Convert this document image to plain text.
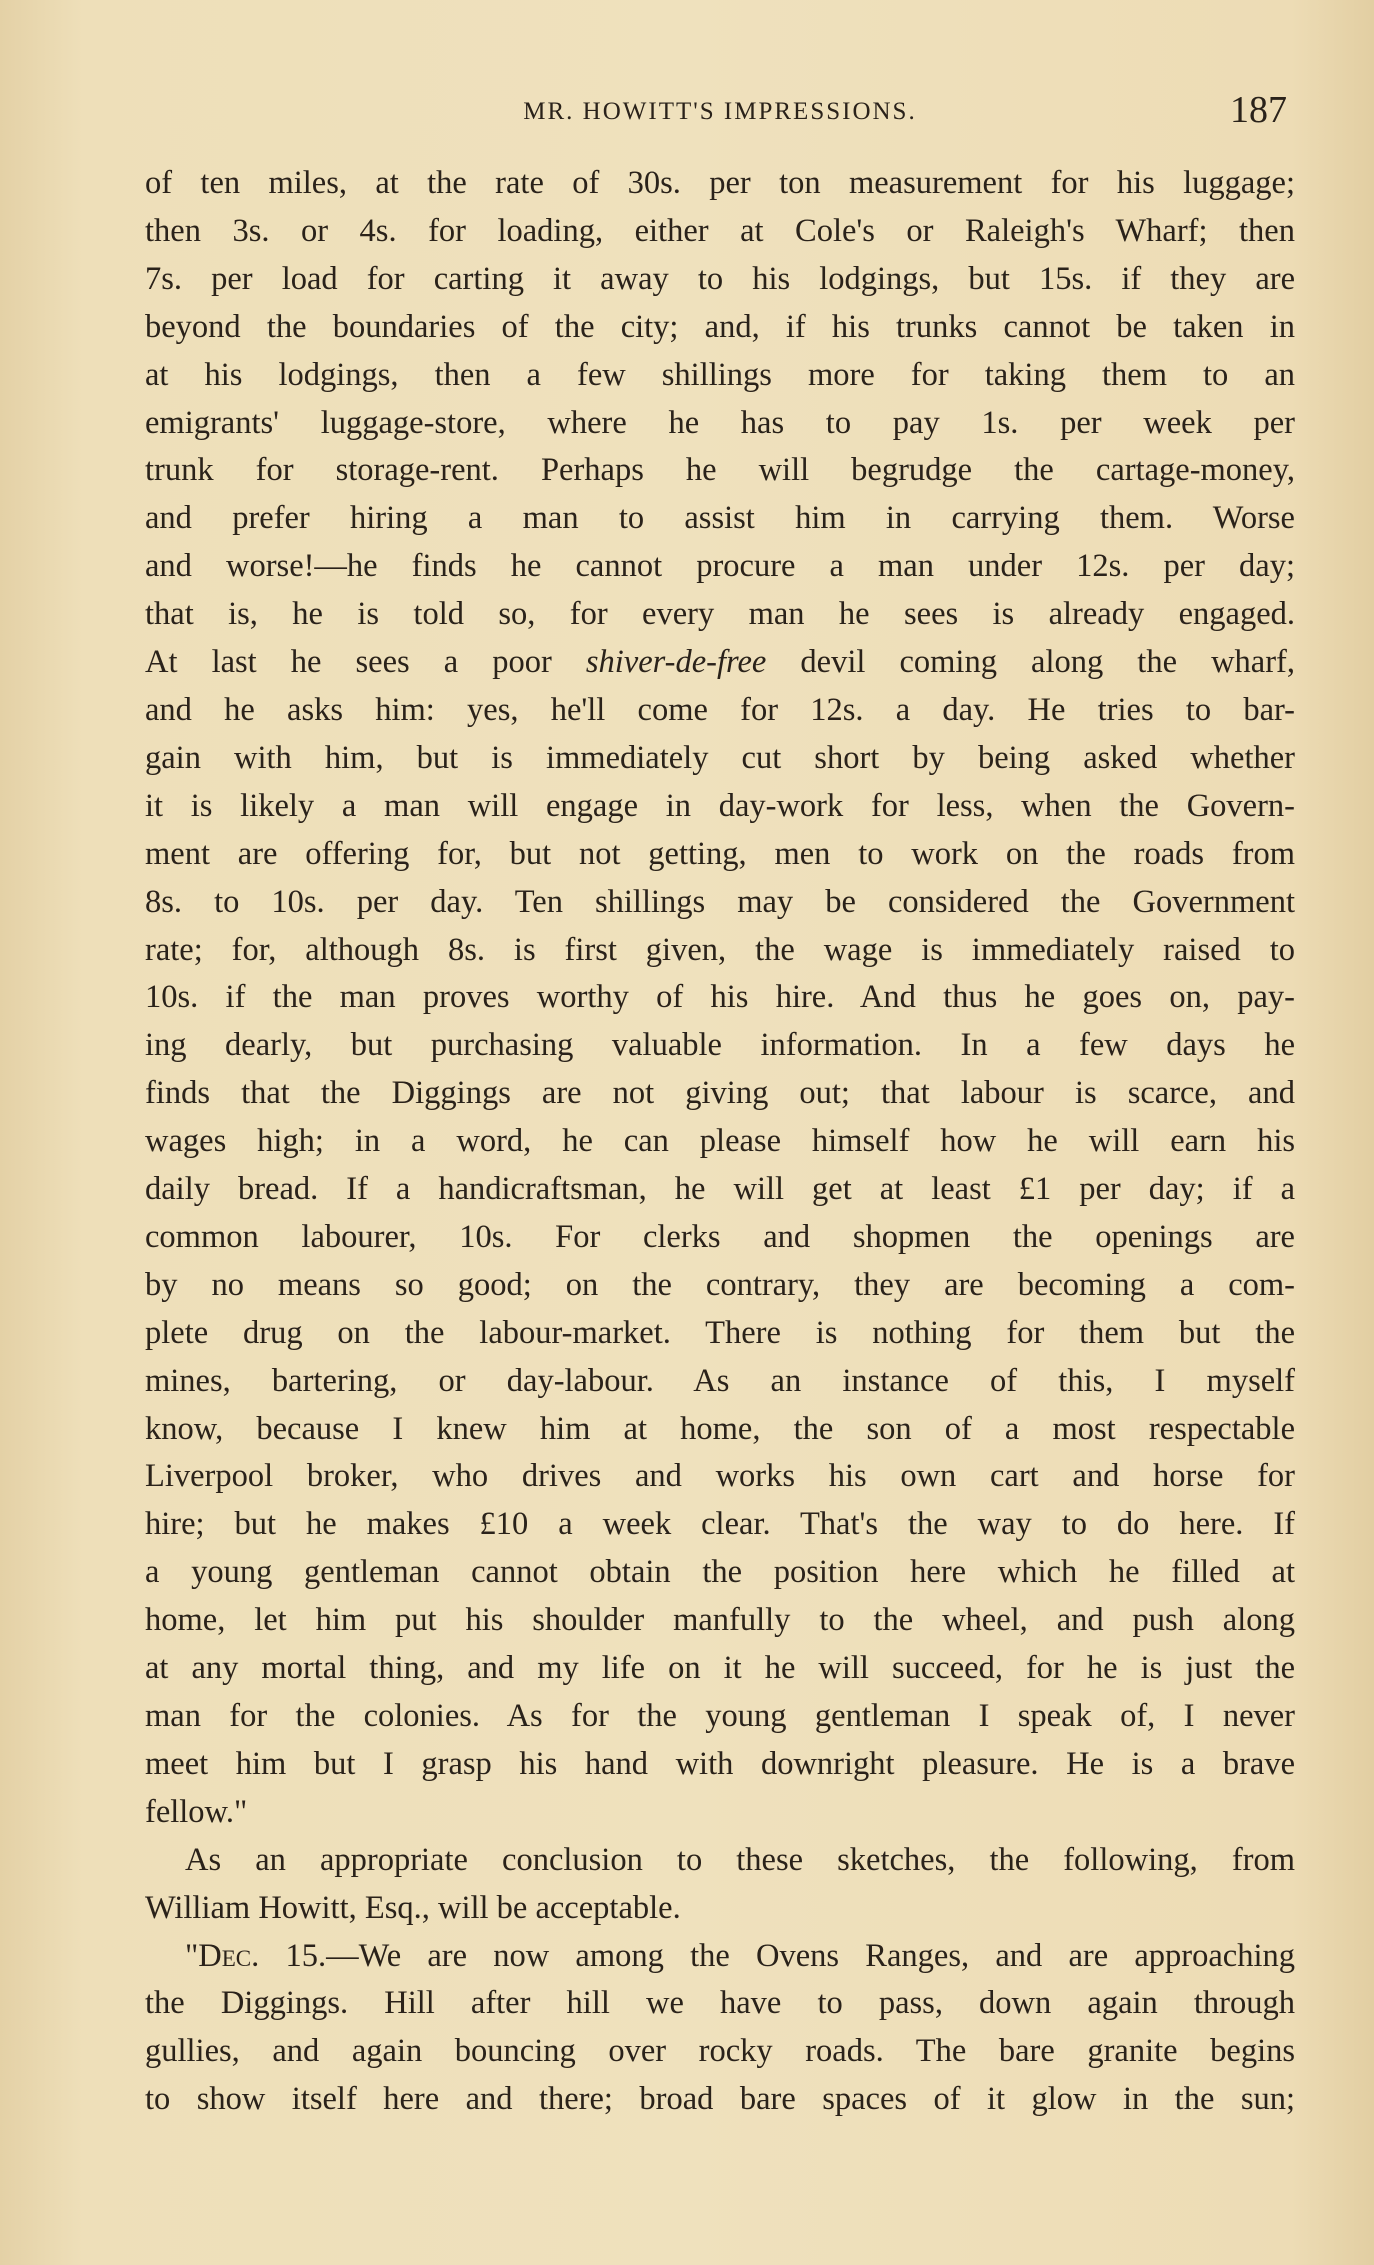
MR. HOWITT'S IMPRESSIONS.	187
of ten miles, at the rate of 30s. per ton measurement for his luggage;
then 3s. or 4s. for loading, either at Cole's or Raleigh's Wharf; then
7s. per load for carting it away to his lodgings, but 15s. if they are
beyond the boundaries of the city; and, if his trunks cannot be taken in
at his lodgings, then a few shillings more for taking them to an
emigrants' luggage-store, where he has to pay 1s. per week per
trunk for storage-rent. Perhaps he will begrudge the cartage-money,
and prefer hiring a man to assist him in carrying them. Worse
and worse!—he finds he cannot procure a man under 12s. per day;
that is, he is told so, for every man he sees is already engaged.
At last he sees a poor shiver-de-free devil coming along the wharf,
and he asks him: yes, he'll come for 12s. a day. He tries to bar-
gain with him, but is immediately cut short by being asked whether
it is likely a man will engage in day-work for less, when the Govern-
ment are offering for, but not getting, men to work on the roads from
8s. to 10s. per day. Ten shillings may be considered the Government
rate; for, although 8s. is first given, the wage is immediately raised to
10s. if the man proves worthy of his hire. And thus he goes on, pay-
ing dearly, but purchasing valuable information. In a few days he
finds that the Diggings are not giving out; that labour is scarce, and
wages high; in a word, he can please himself how he will earn his
daily bread. If a handicraftsman, he will get at least £1 per day; if a
common labourer, 10s. For clerks and shopmen the openings are
by no means so good; on the contrary, they are becoming a com-
plete drug on the labour-market. There is nothing for them but the
mines, bartering, or day-labour. As an instance of this, I myself
know, because I knew him at home, the son of a most respectable
Liverpool broker, who drives and works his own cart and horse for
hire; but he makes £10 a week clear. That's the way to do here. If
a young gentleman cannot obtain the position here which he filled at
home, let him put his shoulder manfully to the wheel, and push along
at any mortal thing, and my life on it he will succeed, for he is just the
man for the colonies. As for the young gentleman I speak of, I never
meet him but I grasp his hand with downright pleasure. He is a brave
fellow."
As an appropriate conclusion to these sketches, the following, from
William Howitt, Esq., will be acceptable.
"Dec. 15.—We are now among the Ovens Ranges, and are approaching
the Diggings. Hill after hill we have to pass, down again through
gullies, and again bouncing over rocky roads. The bare granite begins
to show itself here and there; broad bare spaces of it glow in the sun;
